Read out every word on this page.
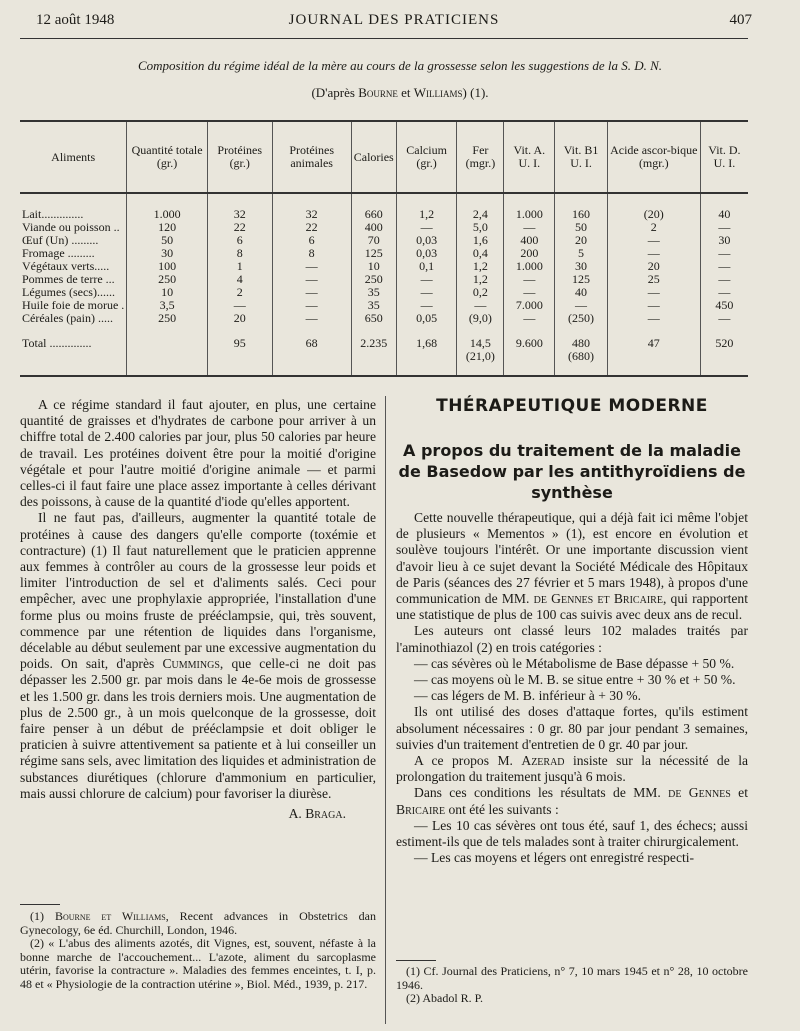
12 août 1948	JOURNAL DES PRATICIENS	407
Composition du régime idéal de la mère au cours de la grossesse selon les suggestions de la S. D. N.
(D'après Bourne et Williams) (1).
Aliments	Quantité totale (gr.)	Protéines (gr.)	Protéines animales	Calories	Calcium (gr.)	Fer (mgr.)	Vit. A. U. I.	Vit. B1 U. I.	Acide ascor-bique (mgr.)	Vit. D. U. I.
Lait..............	1.000	32	32	660	1,2	2,4	1.000	160	(20)	40
Viande ou poisson ..	120	22	22	400	—	5,0	—	50	2	—
Œuf (Un) .........	50	6	6	70	0,03	1,6	400	20	—	30
Fromage .........	30	8	8	125	0,03	0,4	200	5	—	—
Végétaux verts.....	100	1	—	10	0,1	1,2	1.000	30	20	—
Pommes de terre ...	250	4	—	250	—	1,2	—	125	25	—
Légumes (secs)......	10	2	—	35	—	0,2	—	40	—	—
Huile foie de morue .	3,5	—	—	35	—	—	7.000	—	—	450
Céréales (pain) .....	250	20	—	650	0,05	(9,0)	—	(250)	—	—
Total ..............		95	68	2.235	1,68	14,5	9.600	480	47	520
						(21,0)		(680)		

A ce régime standard il faut ajouter, en plus, une certaine quantité de graisses et d'hydrates de carbone pour arriver à un chiffre total de 2.400 calories par jour, plus 50 calories par heure de travail. Les protéines doivent être pour la moitié d'origine végétale et pour l'autre moitié d'origine animale — et parmi celles-ci il faut faire une place assez importante à celles dérivant des poissons, à cause de la quantité d'iode qu'elles apportent.

Il ne faut pas, d'ailleurs, augmenter la quantité totale de protéines à cause des dangers qu'elle comporte (toxémie et contracture) (1) Il faut naturellement que le praticien apprenne aux femmes à contrôler au cours de la grossesse leur poids et limiter l'introduction de sel et d'aliments salés. Ceci pour empêcher, avec une prophylaxie appropriée, l'installation d'une forme plus ou moins fruste de prééclampsie, qui, très souvent, commence par une rétention de liquides dans l'organisme, décelable au début seulement par une excessive augmentation du poids. On sait, d'après Cummings, que celle-ci ne doit pas dépasser les 2.500 gr. par mois dans le 4e-6e mois de grossesse et les 1.500 gr. dans les trois derniers mois. Une augmentation de plus de 2.500 gr., à un mois quelconque de la grossesse, doit faire penser à un début de prééclampsie et doit obliger le praticien à suivre attentivement sa patiente et à lui conseiller un régime sans sels, avec limitation des liquides et administration de substances diurétiques (chlorure d'ammonium en particulier, mais aussi chlorure de calcium) pour favoriser la diurèse.

A. Braga.

(1) Bourne et Williams, Recent advances in Obstetrics dan Gynecology, 6e éd. Churchill, London, 1946.

(2) « L'abus des aliments azotés, dit Vignes, est, souvent, néfaste à la bonne marche de l'accouchement... L'azote, aliment du sarcoplasme utérin, favorise la contracture ». Maladies des femmes enceintes, t. I, p. 48 et « Physiologie de la contraction utérine », Biol. Méd., 1939, p. 217.

THÉRAPEUTIQUE MODERNE
A propos du traitement de la maladie de Basedow par les antithyroïdiens de synthèse

Cette nouvelle thérapeutique, qui a déjà fait ici même l'objet de plusieurs « Mementos » (1), est encore en évolution et soulève toujours l'intérêt. Or une importante discussion vient d'avoir lieu à ce sujet devant la Société Médicale des Hôpitaux de Paris (séances des 27 février et 5 mars 1948), à propos d'une communication de MM. de Gennes et Bricaire, qui rapportent une statistique de plus de 100 cas suivis avec deux ans de recul.

Les auteurs ont classé leurs 102 malades traités par l'aminothiazol (2) en trois catégories :

— cas sévères où le Métabolisme de Base dépasse + 50 %.

— cas moyens où le M. B. se situe entre + 30 % et + 50 %.

— cas légers de M. B. inférieur à + 30 %.

Ils ont utilisé des doses d'attaque fortes, qu'ils estiment absolument nécessaires : 0 gr. 80 par jour pendant 3 semaines, suivies d'un traitement d'entretien de 0 gr. 40 par jour.

A ce propos M. Azerad insiste sur la nécessité de la prolongation du traitement jusqu'à 6 mois.

Dans ces conditions les résultats de MM. de Gennes et Bricaire ont été les suivants :

— Les 10 cas sévères ont tous été, sauf 1, des échecs; aussi estiment-ils que de tels malades sont à traiter chirurgicalement.

— Les cas moyens et légers ont enregistré respecti-

(1) Cf. Journal des Praticiens, n° 7, 10 mars 1945 et n° 28, 10 octobre 1946.

(2) Abadol R. P.
